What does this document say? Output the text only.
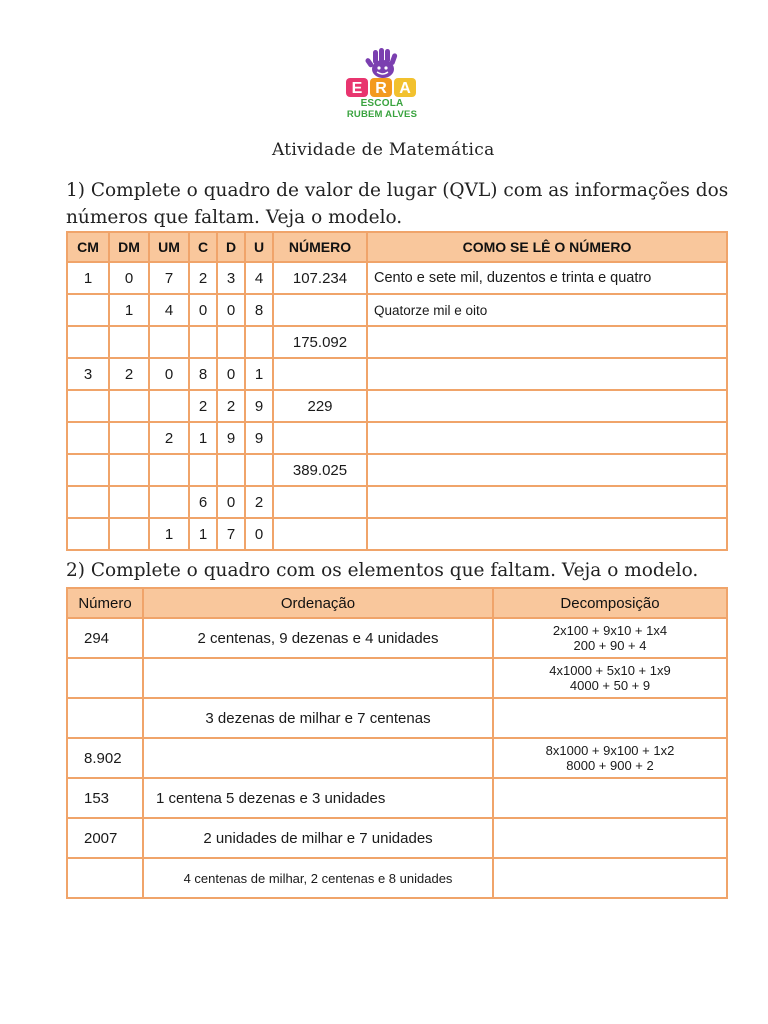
E R A
ESCOLA
RUBEM ALVES
Atividade de Matemática
1) Complete o quadro de valor de lugar (QVL) com as informações dos números que faltam. Veja o modelo.
CM	DM	UM	C	D	U	NÚMERO	COMO SE LÊ O NÚMERO
1	0	7	2	3	4	107.234	Cento e sete mil, duzentos e trinta e quatro
	1	4	0	0	8		Quatorze mil e oito
						175.092	
3	2	0	8	0	1		
			2	2	9	229	
		2	1	9	9		
						389.025	
			6	0	2		
		1	1	7	0		
2) Complete o quadro com os elementos que faltam. Veja o modelo.
Número	Ordenação	Decomposição
294	2 centenas, 9 dezenas e 4 unidades	2x100 + 9x10 + 1x4
200 + 90 + 4

		4x1000 + 5x10 + 1x9
4000 + 50 + 9

	3 dezenas de milhar e 7 centenas	

8.902		8x1000 + 9x100 + 1x2
8000 + 900 + 2

153	1 centena 5 dezenas e 3 unidades	

2007	2 unidades de milhar e 7 unidades	

	4 centenas de milhar, 2 centenas e 8 unidades	
